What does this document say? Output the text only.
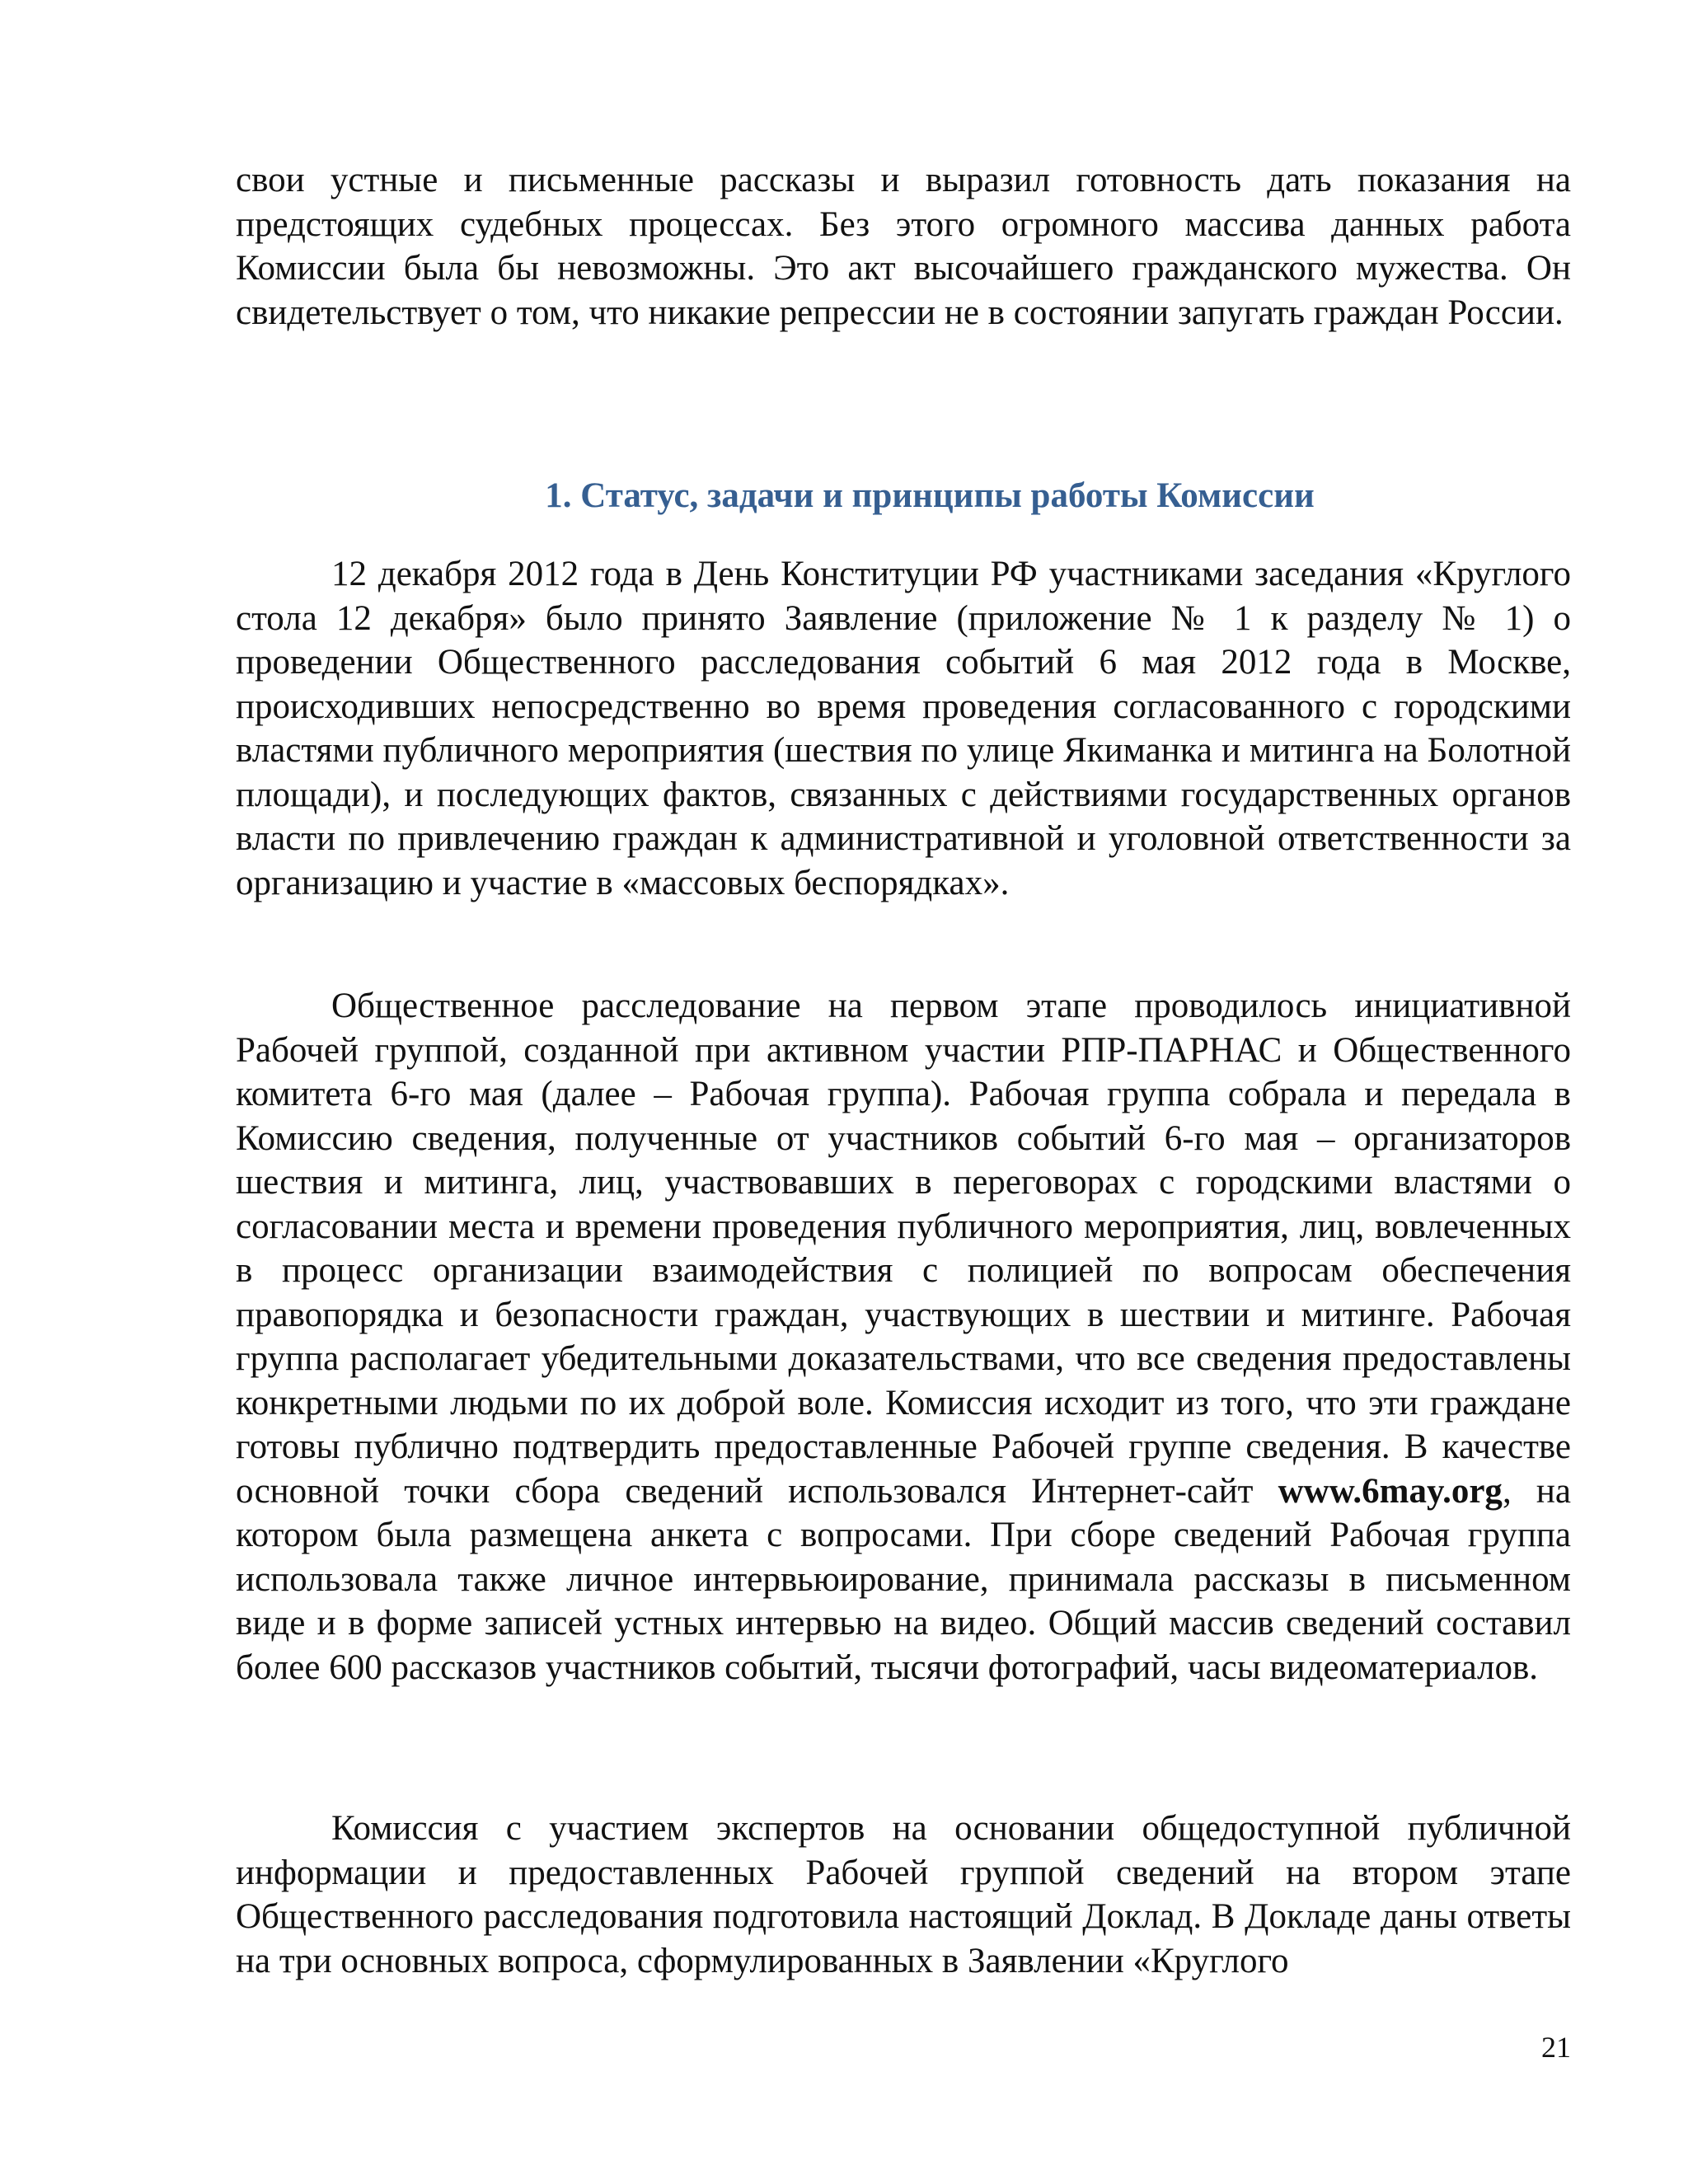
свои устные и письменные рассказы и выразил готовность дать показания на предстоящих судебных процессах. Без этого огромного массива данных работа Комиссии была бы невозможны. Это акт высочайшего гражданского мужества. Он свидетельствует о том, что никакие репрессии не в состоянии запугать граждан России.

1. Статус, задачи и принципы работы Комиссии

12 декабря 2012 года в День Конституции РФ участниками заседания «Круглого стола 12 декабря» было принято Заявление (приложение № 1 к разделу № 1) о проведении Общественного расследования событий 6 мая 2012 года в Москве, происходивших непосредственно во время проведения согласованного с городскими властями публичного мероприятия (шествия по улице Якиманка и митинга на Болотной площади), и последующих фактов, связанных с действиями государственных органов власти по привлечению граждан к административной и уголовной ответственности за организацию и участие в «массовых беспорядках».

Общественное расследование на первом этапе проводилось инициативной Рабочей группой, созданной при активном участии РПР-ПАРНАС и Общественного комитета 6-го мая (далее – Рабочая группа). Рабочая группа собрала и передала в Комиссию сведения, полученные от участников событий 6-го мая – организаторов шествия и митинга, лиц, участвовавших в переговорах с городскими властями о согласовании места и времени проведения публичного мероприятия, лиц, вовлеченных в процесс организации взаимодействия с полицией по вопросам обеспечения правопорядка и безопасности граждан, участвующих в шествии и митинге. Рабочая группа располагает убедительными доказательствами, что все сведения предоставлены конкретными людьми по их доброй воле. Комиссия исходит из того, что эти граждане готовы публично подтвердить предоставленные Рабочей группе сведения. В качестве основной точки сбора сведений использовался Интернет-сайт www.6may.org, на котором была размещена анкета с вопросами. При сборе сведений Рабочая группа использовала также личное интервьюирование, принимала рассказы в письменном виде и в форме записей устных интервью на видео. Общий массив сведений составил более 600 рассказов участников событий, тысячи фотографий, часы видеоматериалов.

Комиссия с участием экспертов на основании общедоступной публичной информации и предоставленных Рабочей группой сведений на втором этапе Общественного расследования подготовила настоящий Доклад. В Докладе даны ответы на три основных вопроса, сформулированных в Заявлении «Круглого

21
